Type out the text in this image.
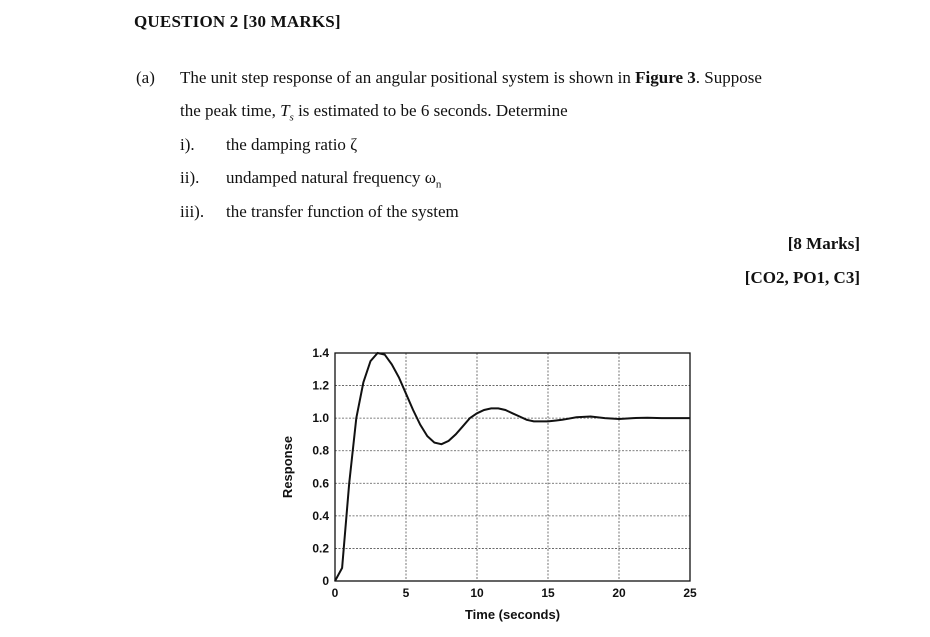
QUESTION 2 [30 MARKS]
(a) The unit step response of an angular positional system is shown in Figure 3. Suppose
the peak time, $T_s$ is estimated to be 6 seconds. Determine
i). the damping ratio ζ
ii). undamped natural frequency $\omega_n$
iii). the transfer function of the system
[8 Marks]
[CO2, PO1, C3]
0
0.2
0.4
0.6
0.8
1.0
1.2
1.4
0	5	10	15	20	25
Time (seconds)
Response
